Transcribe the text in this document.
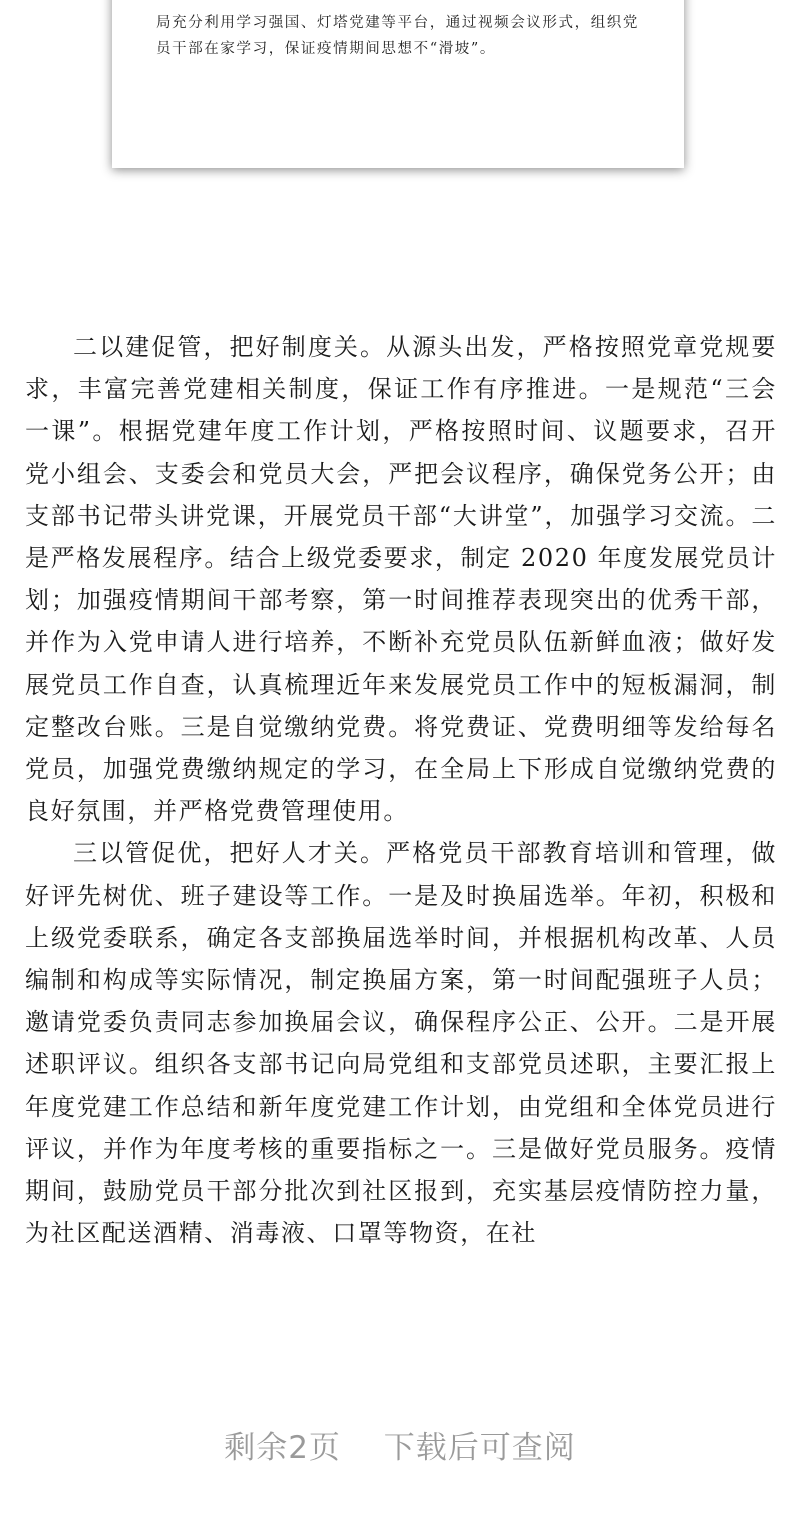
局充分利用学习强国、灯塔党建等平台，通过视频会议形式，组织党员干部在家学习，保证疫情期间思想不“滑坡”。

二以建促管，把好制度关。从源头出发，严格按照党章党规要求，丰富完善党建相关制度，保证工作有序推进。一是规范“三会一课”。根据党建年度工作计划，严格按照时间、议题要求，召开党小组会、支委会和党员大会，严把会议程序，确保党务公开；由支部书记带头讲党课，开展党员干部“大讲堂”，加强学习交流。二是严格发展程序。结合上级党委要求，制定 2020 年度发展党员计划；加强疫情期间干部考察，第一时间推荐表现突出的优秀干部，并作为入党申请人进行培养，不断补充党员队伍新鲜血液；做好发展党员工作自查，认真梳理近年来发展党员工作中的短板漏洞，制定整改台账。三是自觉缴纳党费。将党费证、党费明细等发给每名党员，加强党费缴纳规定的学习，在全局上下形成自觉缴纳党费的良好氛围，并严格党费管理使用。

三以管促优，把好人才关。严格党员干部教育培训和管理，做好评先树优、班子建设等工作。一是及时换届选举。年初，积极和上级党委联系，确定各支部换届选举时间，并根据机构改革、人员编制和构成等实际情况，制定换届方案，第一时间配强班子人员；邀请党委负责同志参加换届会议，确保程序公正、公开。二是开展述职评议。组织各支部书记向局党组和支部党员述职，主要汇报上年度党建工作总结和新年度党建工作计划，由党组和全体党员进行评议，并作为年度考核的重要指标之一。三是做好党员服务。疫情期间，鼓励党员干部分批次到社区报到，充实基层疫情防控力量，为社区配送酒精、消毒液、口罩等物资，在社

剩余2页 下载后可查阅
